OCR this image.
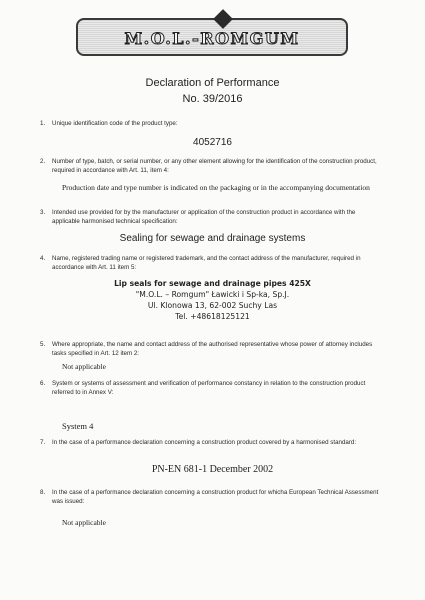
M.O.L.-ROMGUM
Declaration of Performance
No. 39/2016
1. Unique identification code of the product type:
4052716
2. Number of type, batch, or serial number, or any other element allowing for the identification of the construction product, required in accordance with Art. 11, item 4:
Production date and type number is indicated on the packaging or in the accompanying documentation
3. Intended use provided for by the manufacturer or application of the construction product in accordance with the applicable harmonised technical specification:
Sealing for sewage and drainage systems
4. Name, registered trading name or registered trademark, and the contact address of the manufacturer, required in accordance with Art. 11 item 5:
Lip seals for sewage and drainage pipes 425X
"M.O.L. – Romgum" Ławicki i Sp-ka, Sp.J.
Ul. Klonowa 13, 62-002 Suchy Las
Tel. +48618125121
5. Where appropriate, the name and contact address of the authorised representative whose power of attorney includes tasks specified in Art. 12 item 2:
Not applicable
6. System or systems of assessment and verification of performance constancy in relation to the construction product referred to in Annex V:
System 4
7. In the case of a performance declaration concerning a construction product covered by a harmonised standard:
PN-EN 681-1 December 2002
8. In the case of a performance declaration concerning a construction product for whicha European Technical Assessment was issued:
Not applicable
